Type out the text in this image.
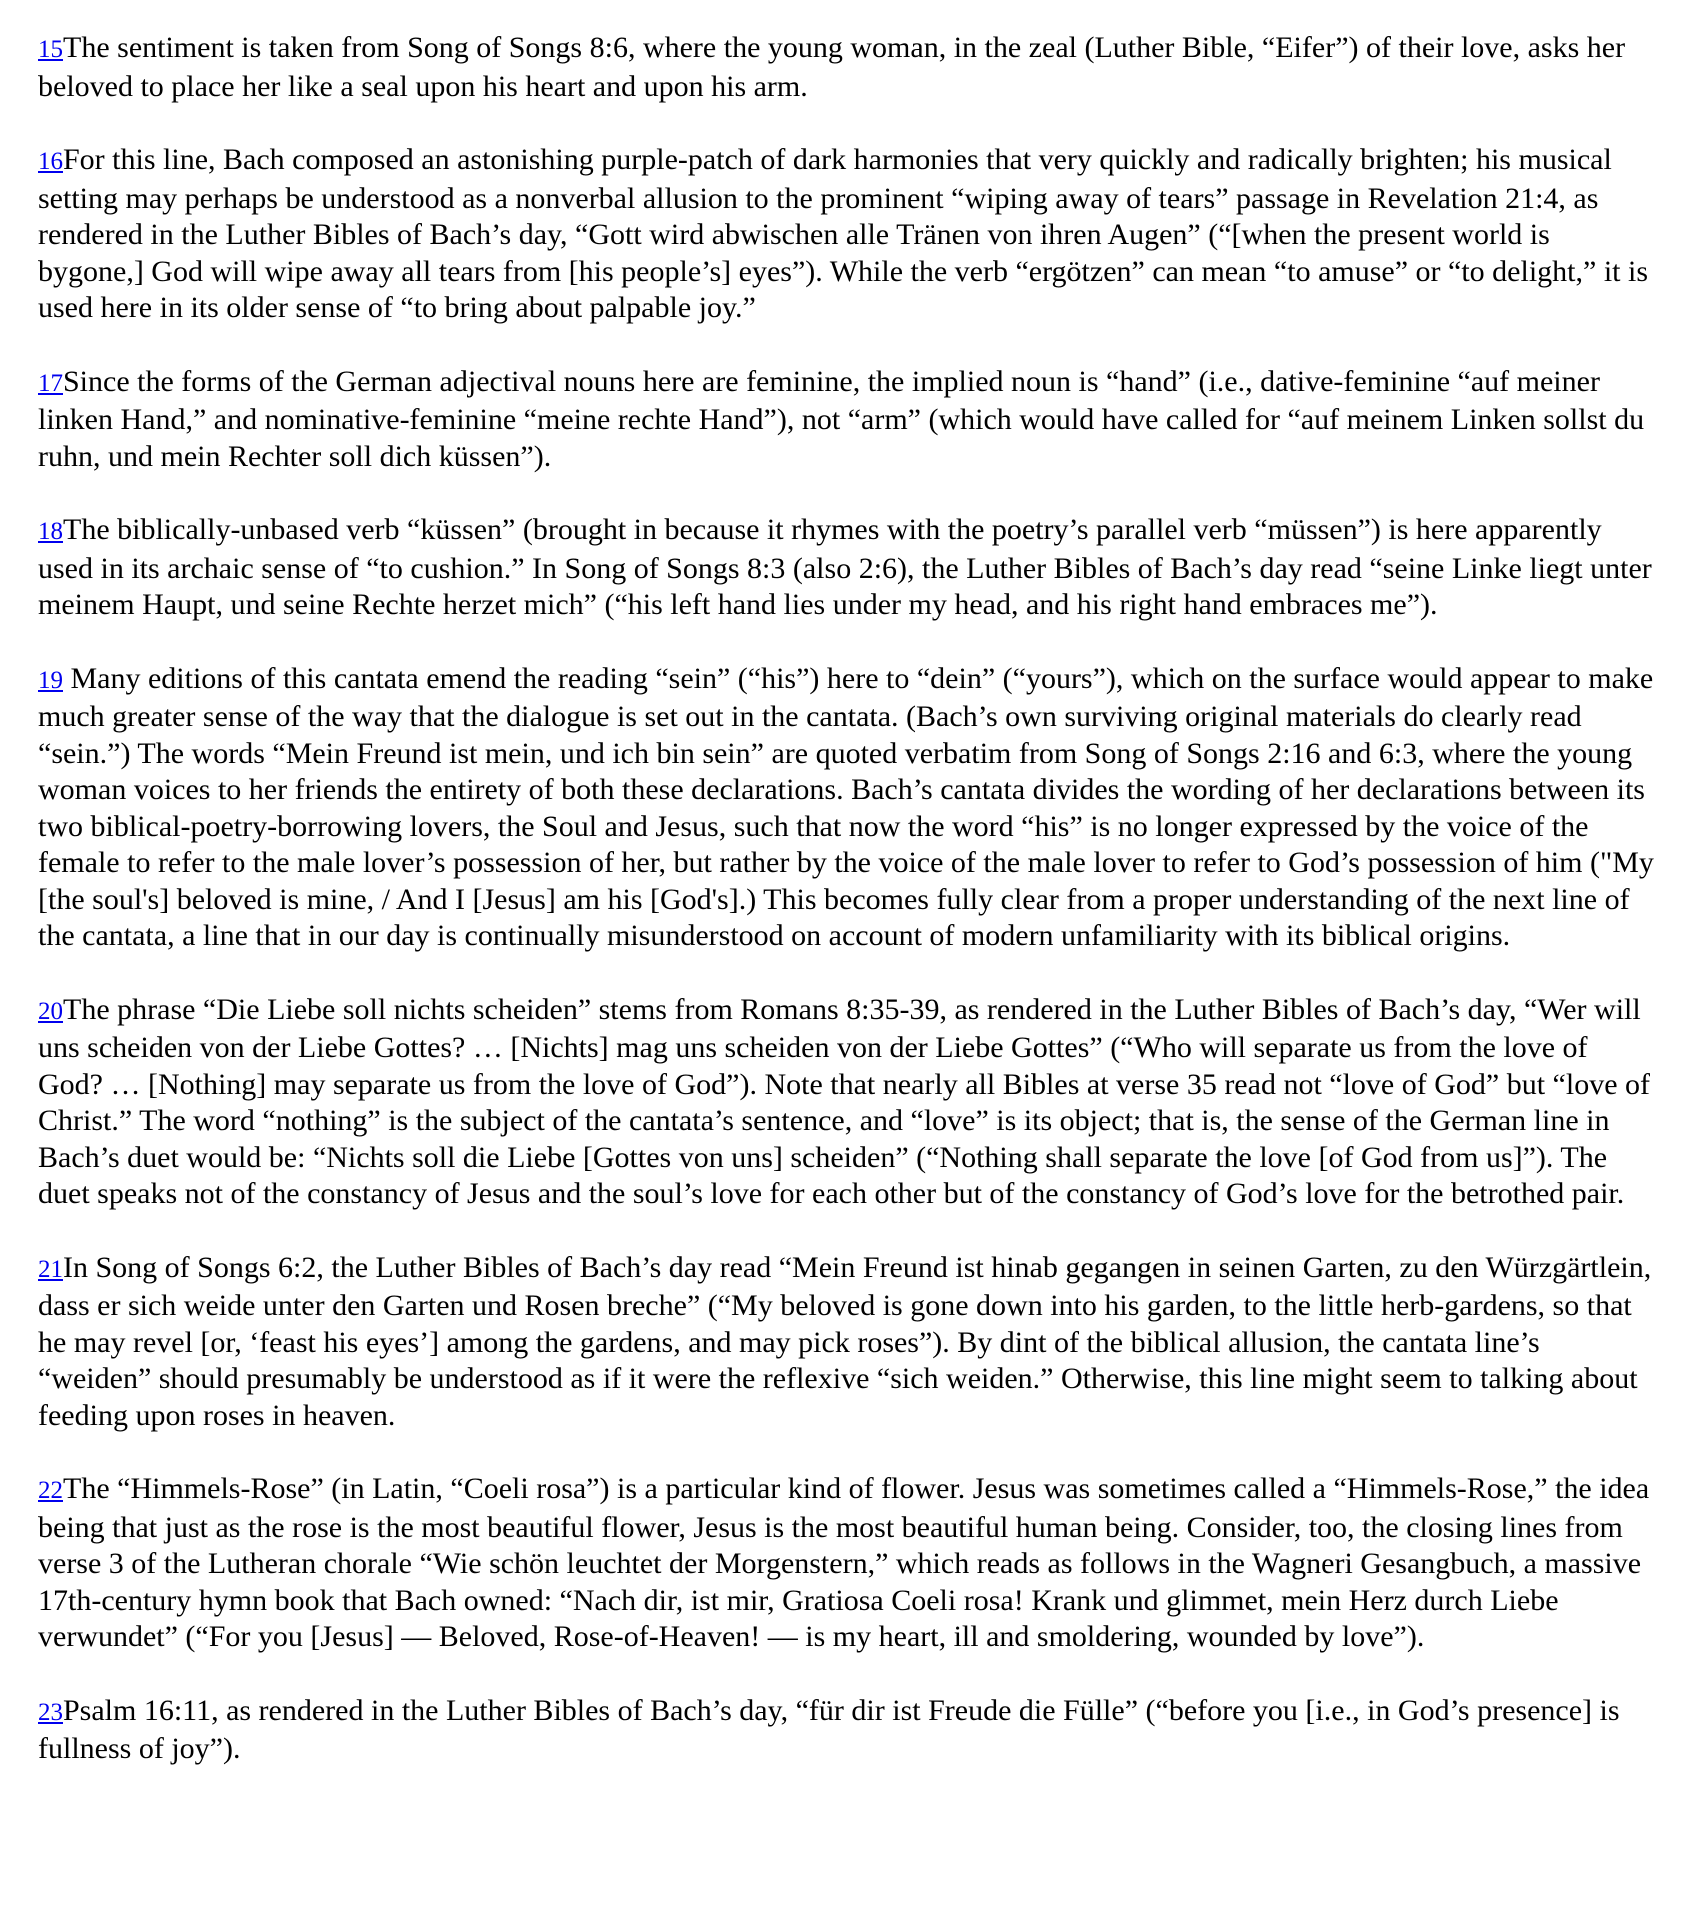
15The sentiment is taken from Song of Songs 8:6, where the young woman, in the zeal (Luther Bible, “Eifer”) of their love, asks her beloved to place her like a seal upon his heart and upon his arm.

16For this line, Bach composed an astonishing purple-patch of dark harmonies that very quickly and radically brighten; his musical setting may perhaps be understood as a nonverbal allusion to the prominent “wiping away of tears” passage in Revelation 21:4, as rendered in the Luther Bibles of Bach’s day, “Gott wird abwischen alle Tränen von ihren Augen” (“[when the present world is bygone,] God will wipe away all tears from [his people’s] eyes”). While the verb “ergötzen” can mean “to amuse” or “to delight,” it is used here in its older sense of “to bring about palpable joy.”

17Since the forms of the German adjectival nouns here are feminine, the implied noun is “hand” (i.e., dative-feminine “auf meiner linken Hand,” and nominative-feminine “meine rechte Hand”), not “arm” (which would have called for “auf meinem Linken sollst du ruhn, und mein Rechter soll dich küssen”).

18The biblically-unbased verb “küssen” (brought in because it rhymes with the poetry’s parallel verb “müssen”) is here apparently used in its archaic sense of “to cushion.” In Song of Songs 8:3 (also 2:6), the Luther Bibles of Bach’s day read “seine Linke liegt unter meinem Haupt, und seine Rechte herzet mich” (“his left hand lies under my head, and his right hand embraces me”).

19 Many editions of this cantata emend the reading “sein” (“his”) here to “dein” (“yours”), which on the surface would appear to make much greater sense of the way that the dialogue is set out in the cantata. (Bach’s own surviving original materials do clearly read “sein.”) The words “Mein Freund ist mein, und ich bin sein” are quoted verbatim from Song of Songs 2:16 and 6:3, where the young woman voices to her friends the entirety of both these declarations. Bach’s cantata divides the wording of her declarations between its two biblical-poetry-borrowing lovers, the Soul and Jesus, such that now the word “his” is no longer expressed by the voice of the female to refer to the male lover’s possession of her, but rather by the voice of the male lover to refer to God’s possession of him ("My [the soul's] beloved is mine, / And I [Jesus] am his [God's].) This becomes fully clear from a proper understanding of the next line of the cantata, a line that in our day is continually misunderstood on account of modern unfamiliarity with its biblical origins.

20The phrase “Die Liebe soll nichts scheiden” stems from Romans 8:35-39, as rendered in the Luther Bibles of Bach’s day, “Wer will uns scheiden von der Liebe Gottes? … [Nichts] mag uns scheiden von der Liebe Gottes” (“Who will separate us from the love of God? … [Nothing] may separate us from the love of God”). Note that nearly all Bibles at verse 35 read not “love of God” but “love of Christ.” The word “nothing” is the subject of the cantata’s sentence, and “love” is its object; that is, the sense of the German line in Bach’s duet would be: “Nichts soll die Liebe [Gottes von uns] scheiden” (“Nothing shall separate the love [of God from us]”). The duet speaks not of the constancy of Jesus and the soul’s love for each other but of the constancy of God’s love for the betrothed pair.

21In Song of Songs 6:2, the Luther Bibles of Bach’s day read “Mein Freund ist hinab gegangen in seinen Garten, zu den Würzgärtlein, dass er sich weide unter den Garten und Rosen breche” (“My beloved is gone down into his garden, to the little herb-gardens, so that he may revel [or, ‘feast his eyes’] among the gardens, and may pick roses”). By dint of the biblical allusion, the cantata line’s “weiden” should presumably be understood as if it were the reflexive “sich weiden.” Otherwise, this line might seem to talking about feeding upon roses in heaven.

22The “Himmels-Rose” (in Latin, “Coeli rosa”) is a particular kind of flower. Jesus was sometimes called a “Himmels-Rose,” the idea being that just as the rose is the most beautiful flower, Jesus is the most beautiful human being. Consider, too, the closing lines from verse 3 of the Lutheran chorale “Wie schön leuchtet der Morgenstern,” which reads as follows in the Wagneri Gesangbuch, a massive 17th-century hymn book that Bach owned: “Nach dir, ist mir, Gratiosa Coeli rosa! Krank und glimmet, mein Herz durch Liebe verwundet” (“For you [Jesus] — Beloved, Rose-of-Heaven! — is my heart, ill and smoldering, wounded by love”).

23Psalm 16:11, as rendered in the Luther Bibles of Bach’s day, “für dir ist Freude die Fülle” (“before you [i.e., in God’s presence] is fullness of joy”).
